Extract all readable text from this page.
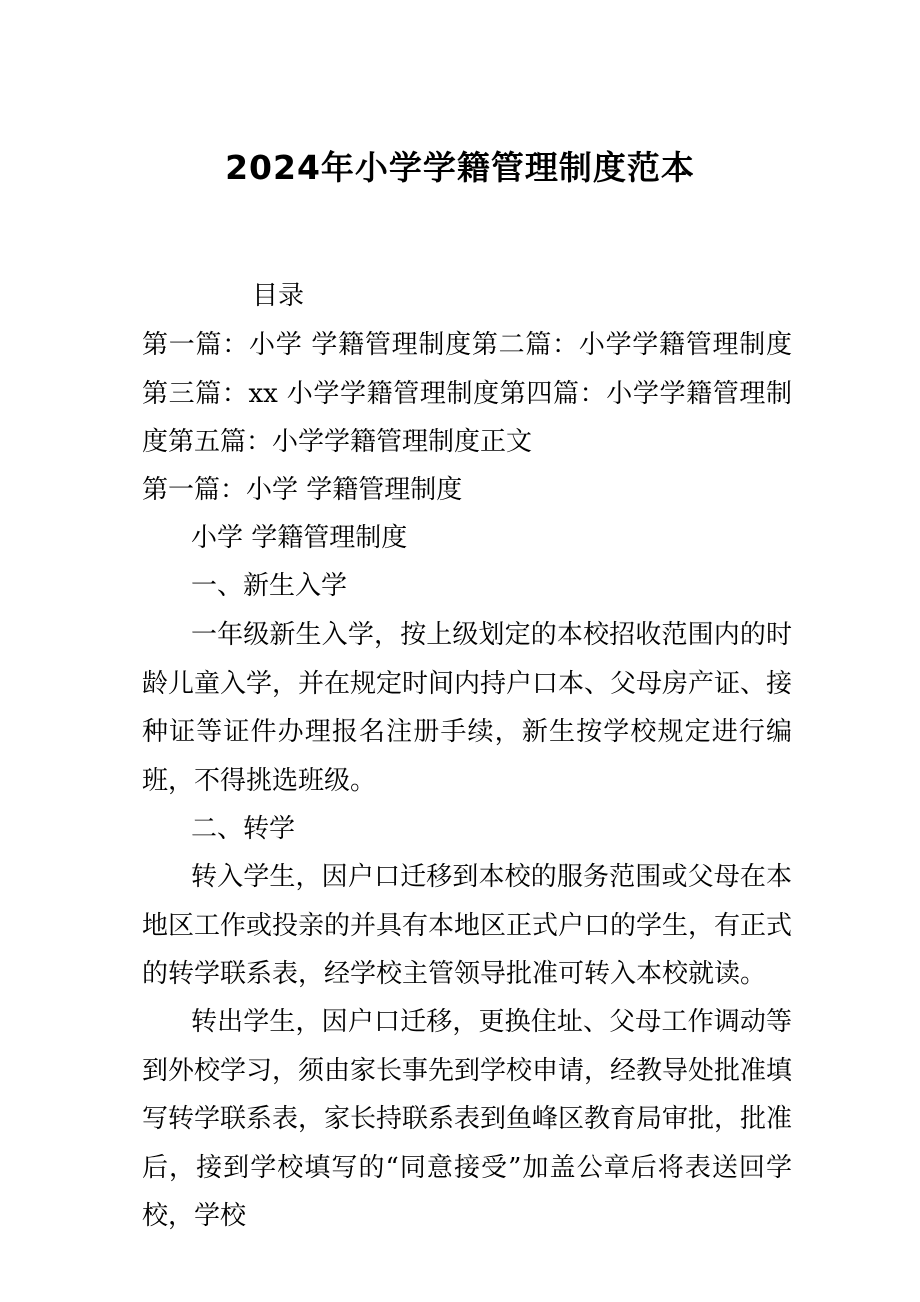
2024年小学学籍管理制度范本

目录

第一篇：小学 学籍管理制度第二篇：小学学籍管理制度第三篇：xx 小学学籍管理制度第四篇：小学学籍管理制度第五篇：小学学籍管理制度正文

第一篇：小学 学籍管理制度

小学 学籍管理制度

一、新生入学

一年级新生入学，按上级划定的本校招收范围内的时龄儿童入学，并在规定时间内持户口本、父母房产证、接种证等证件办理报名注册手续，新生按学校规定进行编班，不得挑选班级。

二、转学

转入学生，因户口迁移到本校的服务范围或父母在本地区工作或投亲的并具有本地区正式户口的学生，有正式的转学联系表，经学校主管领导批准可转入本校就读。

转出学生，因户口迁移，更换住址、父母工作调动等到外校学习，须由家长事先到学校申请，经教导处批准填写转学联系表，家长持联系表到鱼峰区教育局审批，批准后，接到学校填写的“同意接受”加盖公章后将表送回学校，学校
